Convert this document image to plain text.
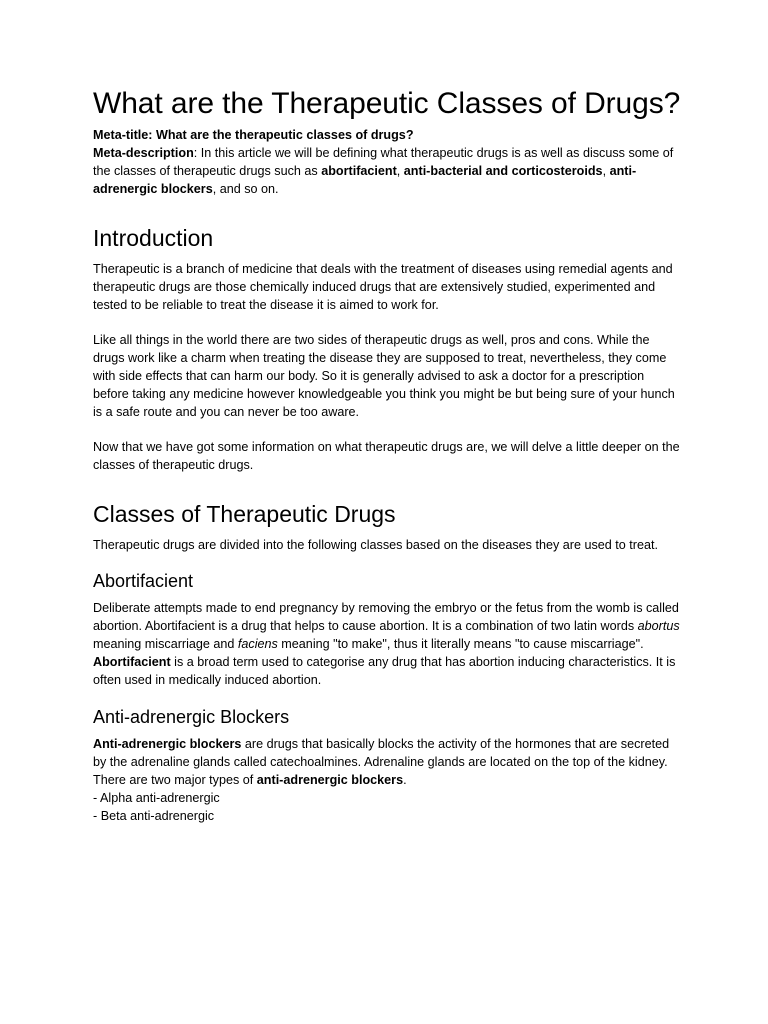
What are the Therapeutic Classes of Drugs?

Meta-title: What are the therapeutic classes of drugs?

Meta-description: In this article we will be defining what therapeutic drugs is as well as discuss some of the classes of therapeutic drugs such as abortifacient, anti-bacterial and corticosteroids, anti-adrenergic blockers, and so on.

Introduction

Therapeutic is a branch of medicine that deals with the treatment of diseases using remedial agents and therapeutic drugs are those chemically induced drugs that are extensively studied, experimented and tested to be reliable to treat the disease it is aimed to work for.

Like all things in the world there are two sides of therapeutic drugs as well, pros and cons. While the drugs work like a charm when treating the disease they are supposed to treat, nevertheless, they come with side effects that can harm our body. So it is generally advised to ask a doctor for a prescription before taking any medicine however knowledgeable you think you might be but being sure of your hunch is a safe route and you can never be too aware.

Now that we have got some information on what therapeutic drugs are, we will delve a little deeper on the classes of therapeutic drugs.

Classes of Therapeutic Drugs

Therapeutic drugs are divided into the following classes based on the diseases they are used to treat.

Abortifacient

Deliberate attempts made to end pregnancy by removing the embryo or the fetus from the womb is called abortion. Abortifacient is a drug that helps to cause abortion. It is a combination of two latin words abortus meaning miscarriage and faciens meaning "to make", thus it literally means "to cause miscarriage".

Abortifacient is a broad term used to categorise any drug that has abortion inducing characteristics. It is often used in medically induced abortion.

Anti-adrenergic Blockers

Anti-adrenergic blockers are drugs that basically blocks the activity of the hormones that are secreted by the adrenaline glands called catechoalmines. Adrenaline glands are located on the top of the kidney. There are two major types of anti-adrenergic blockers.

- Alpha anti-adrenergic

- Beta anti-adrenergic
